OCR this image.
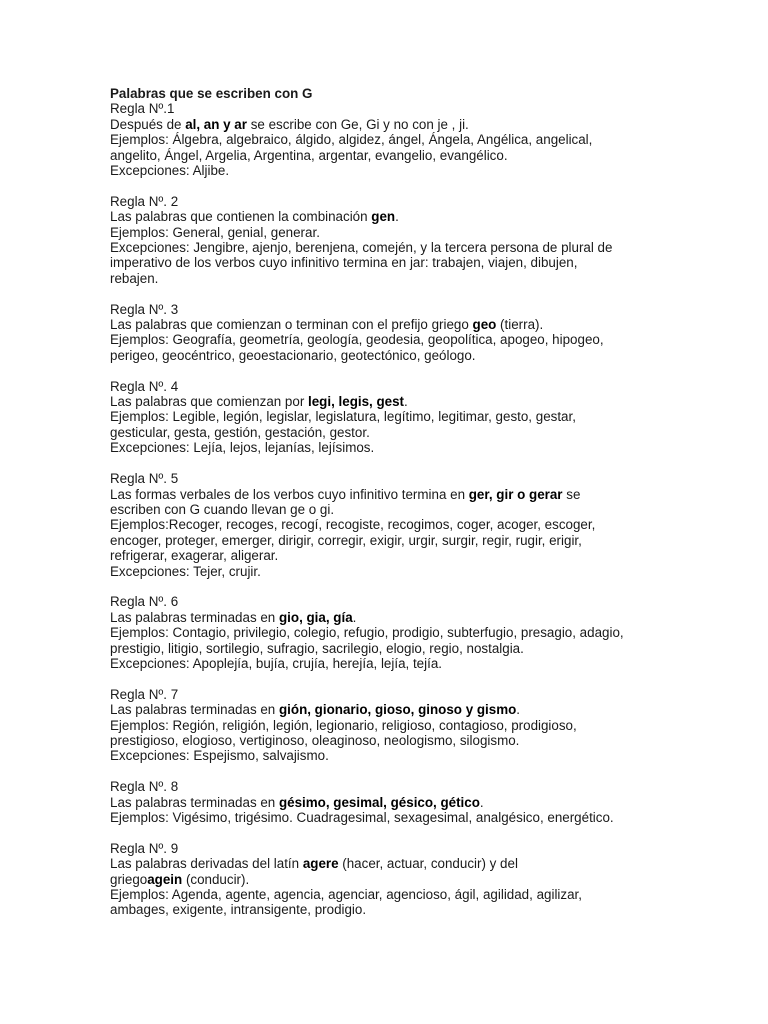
Palabras que se escriben con G
Regla Nº.1
Después de al, an y ar se escribe con Ge, Gi y no con je , ji.
Ejemplos: Álgebra, algebraico, álgido, algidez, ángel, Ángela, Angélica, angelical,
angelito, Ángel, Argelia, Argentina, argentar, evangelio, evangélico.
Excepciones: Aljibe.
Regla Nº. 2
Las palabras que contienen la combinación gen.
Ejemplos: General, genial, generar.
Excepciones: Jengibre, ajenjo, berenjena, comején, y la tercera persona de plural de
imperativo de los verbos cuyo infinitivo termina en jar: trabajen, viajen, dibujen,
rebajen.
Regla Nº. 3
Las palabras que comienzan o terminan con el prefijo griego geo (tierra).
Ejemplos: Geografía, geometría, geología, geodesia, geopolítica, apogeo, hipogeo,
perigeo, geocéntrico, geoestacionario, geotectónico, geólogo.
Regla Nº. 4
Las palabras que comienzan por legi, legis, gest.
Ejemplos: Legible, legión, legislar, legislatura, legítimo, legitimar, gesto, gestar,
gesticular, gesta, gestión, gestación, gestor.
Excepciones: Lejía, lejos, lejanías, lejísimos.
Regla Nº. 5
Las formas verbales de los verbos cuyo infinitivo termina en ger, gir o gerar se
escriben con G cuando llevan ge o gi.
Ejemplos:Recoger, recoges, recogí, recogiste, recogimos, coger, acoger, escoger,
encoger, proteger, emerger, dirigir, corregir, exigir, urgir, surgir, regir, rugir, erigir,
refrigerar, exagerar, aligerar.
Excepciones: Tejer, crujir.
Regla Nº. 6
Las palabras terminadas en gio, gia, gía.
Ejemplos: Contagio, privilegio, colegio, refugio, prodigio, subterfugio, presagio, adagio,
prestigio, litigio, sortilegio, sufragio, sacrilegio, elogio, regio, nostalgia.
Excepciones: Apoplejía, bujía, crujía, herejía, lejía, tejía.
Regla Nº. 7
Las palabras terminadas en gión, gionario, gioso, ginoso y gismo.
Ejemplos: Región, religión, legión, legionario, religioso, contagioso, prodigioso,
prestigioso, elogioso, vertiginoso, oleaginoso, neologismo, silogismo.
Excepciones: Espejismo, salvajismo.
Regla Nº. 8
Las palabras terminadas en gésimo, gesimal, gésico, gético.
Ejemplos: Vigésimo, trigésimo. Cuadragesimal, sexagesimal, analgésico, energético.
Regla Nº. 9
Las palabras derivadas del latín agere (hacer, actuar, conducir) y del
griegoagein (conducir).
Ejemplos: Agenda, agente, agencia, agenciar, agencioso, ágil, agilidad, agilizar,
ambages, exigente, intransigente, prodigio.
